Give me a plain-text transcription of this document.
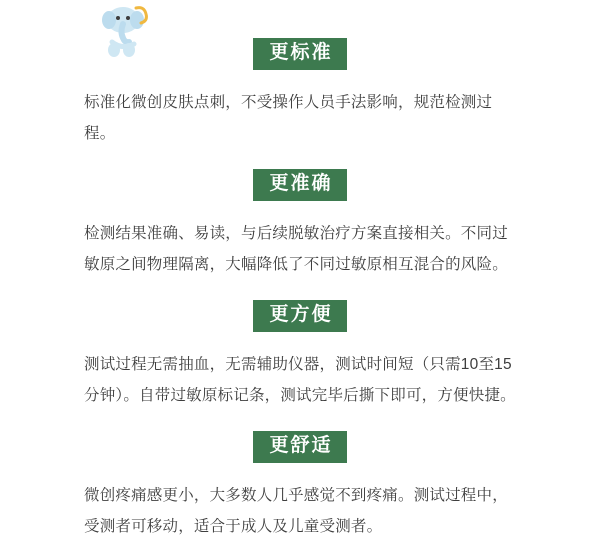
更标准

标准化微创皮肤点刺，不受操作人员手法影响，规范检测过程。

更准确

检测结果准确、易读，与后续脱敏治疗方案直接相关。不同过敏原之间物理隔离，大幅降低了不同过敏原相互混合的风险。

更方便

测试过程无需抽血，无需辅助仪器，测试时间短（只需10至15分钟）。自带过敏原标记条，测试完毕后撕下即可，方便快捷。

更舒适

微创疼痛感更小，大多数人几乎感觉不到疼痛。测试过程中，受测者可移动，适合于成人及儿童受测者。
